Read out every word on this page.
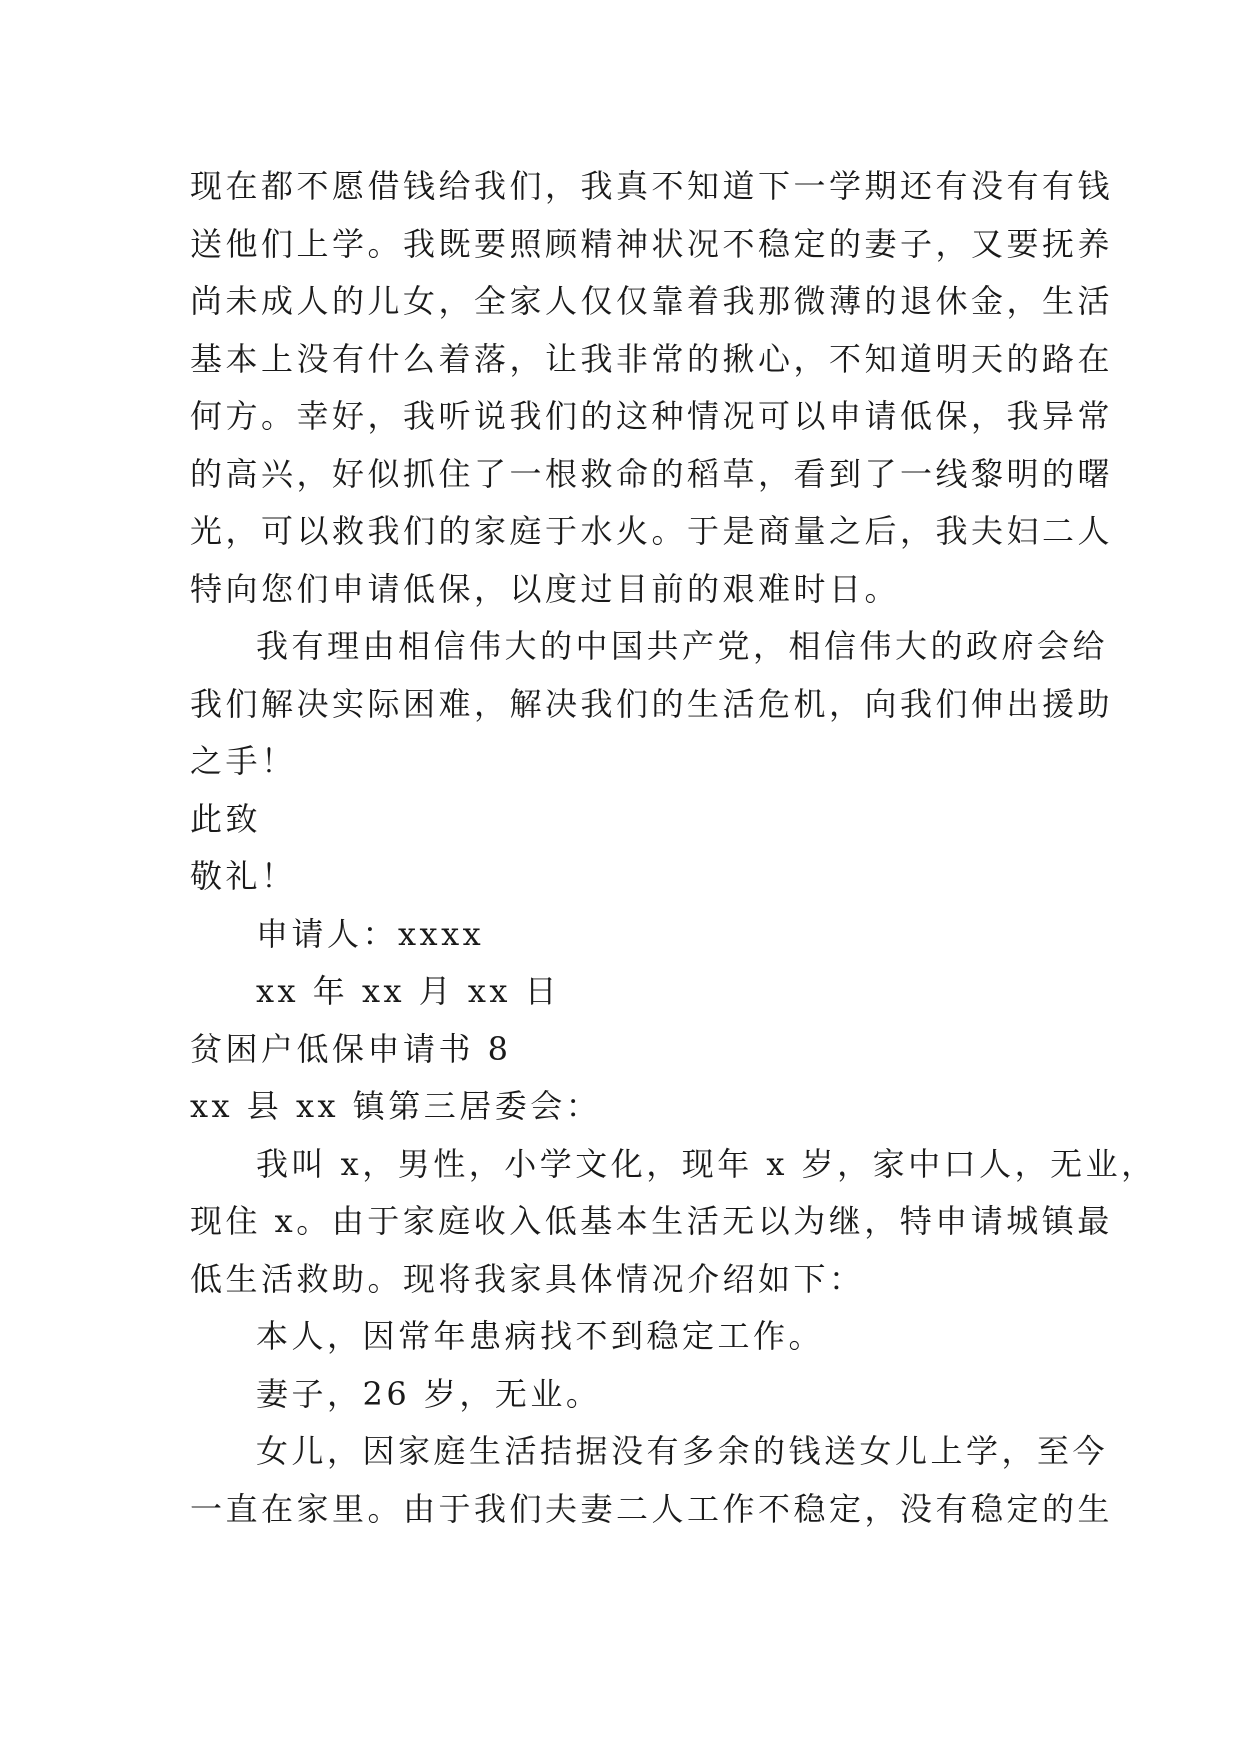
现在都不愿借钱给我们，我真不知道下一学期还有没有有钱
送他们上学。我既要照顾精神状况不稳定的妻子，又要抚养
尚未成人的儿女，全家人仅仅靠着我那微薄的退休金，生活
基本上没有什么着落，让我非常的揪心，不知道明天的路在
何方。幸好，我听说我们的这种情况可以申请低保，我异常
的高兴，好似抓住了一根救命的稻草，看到了一线黎明的曙
光，可以救我们的家庭于水火。于是商量之后，我夫妇二人
特向您们申请低保，以度过目前的艰难时日。
我有理由相信伟大的中国共产党，相信伟大的政府会给
我们解决实际困难，解决我们的生活危机，向我们伸出援助
之手！
此致
敬礼！
申请人：xxxx
xx 年 xx 月 xx 日
贫困户低保申请书 8
xx 县 xx 镇第三居委会：
我叫 x，男性，小学文化，现年 x 岁，家中口人，无业，
现住 x。由于家庭收入低基本生活无以为继，特申请城镇最
低生活救助。现将我家具体情况介绍如下：
本人，因常年患病找不到稳定工作。
妻子，26 岁，无业。
女儿，因家庭生活拮据没有多余的钱送女儿上学，至今
一直在家里。由于我们夫妻二人工作不稳定，没有稳定的生
